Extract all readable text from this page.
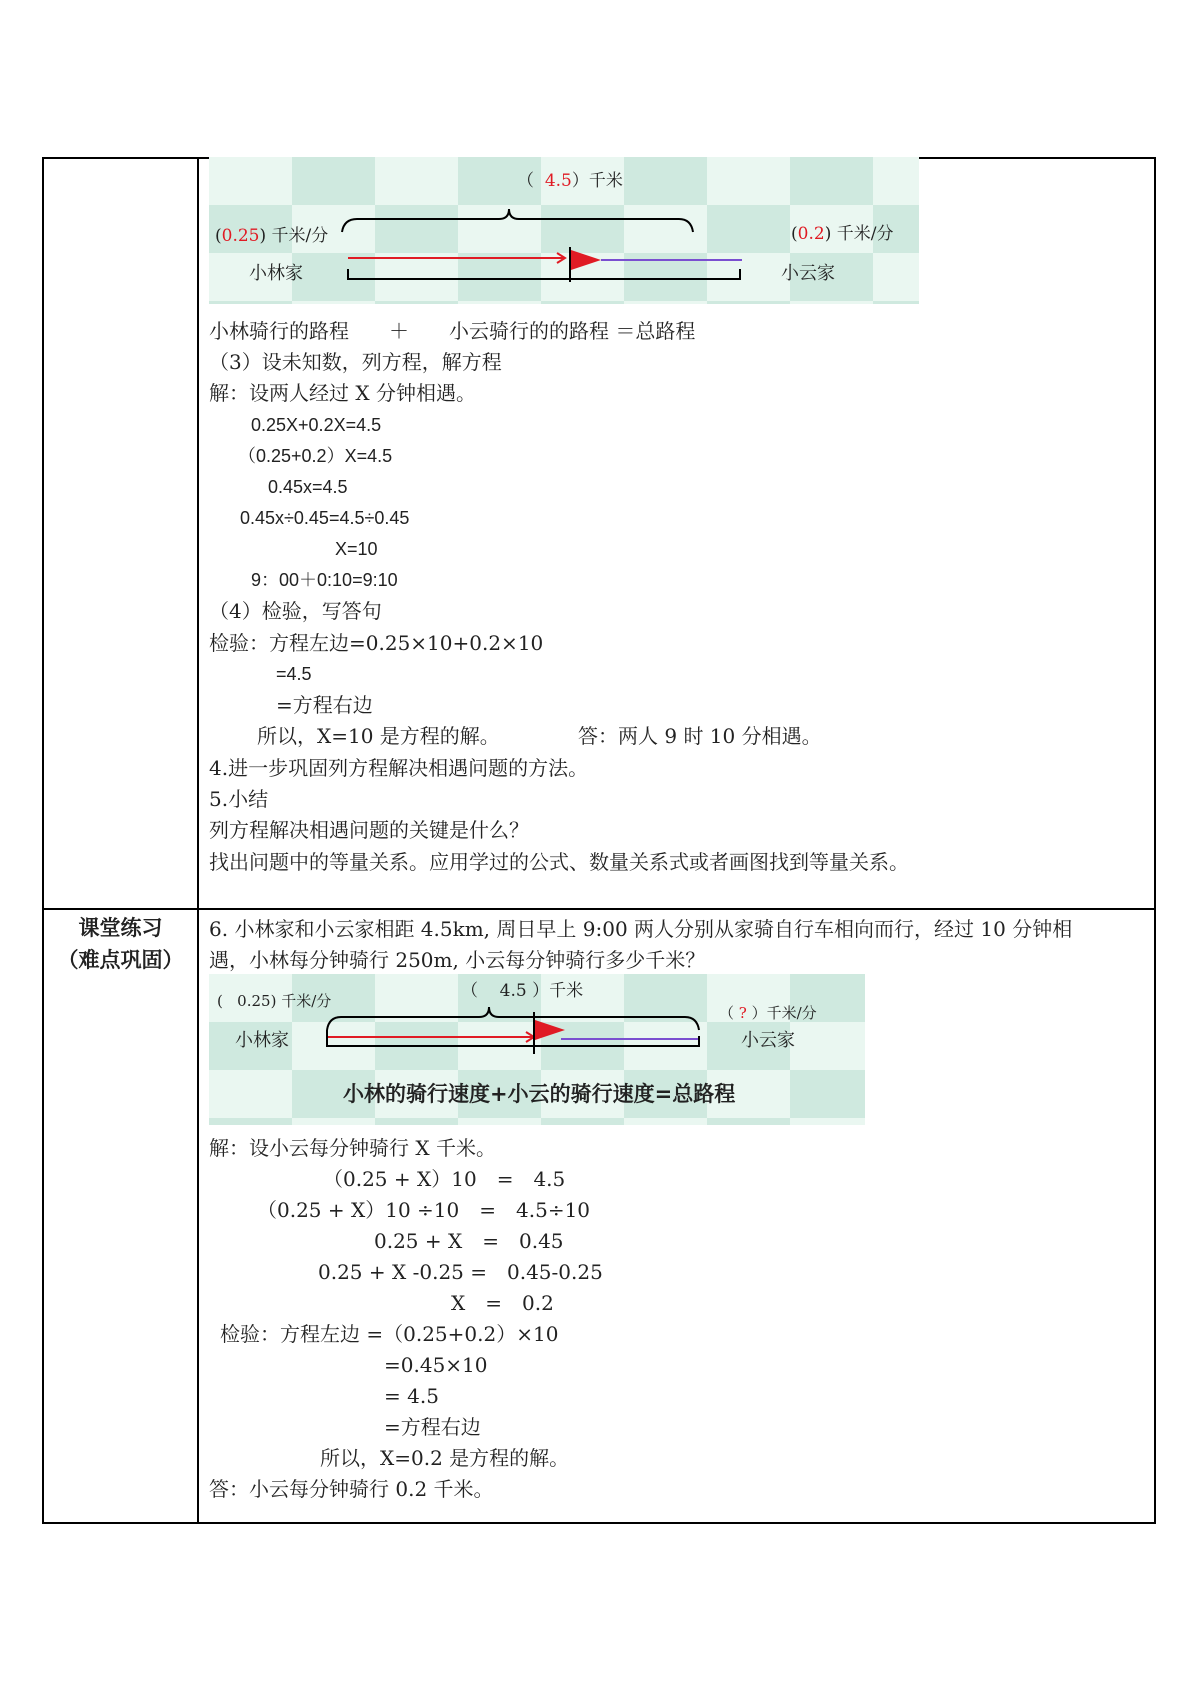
（ 4.5）千米
(0.25) 千米/分	(0.2) 千米/分
小林家	小云家
小林骑行的路程　　＋　　小云骑行的的路程 ＝总路程
（3）设未知数，列方程，解方程
解：设两人经过 X 分钟相遇。
0.25X+0.2X=4.5
（0.25+0.2）X=4.5
0.45x=4.5
0.45x÷0.45=4.5÷0.45
X=10
9：00＋0:10=9:10
（4）检验，写答句
检验：方程左边=0.25×10+0.2×10
=4.5
=方程右边
所以，X=10 是方程的解。	答：两人 9 时 10 分相遇。
4.进一步巩固列方程解决相遇问题的方法。
5.小结
列方程解决相遇问题的关键是什么？
找出问题中的等量关系。应用学过的公式、数量关系式或者画图找到等量关系。
课堂练习
（难点巩固）
6. 小林家和小云家相距 4.5km, 周日早上 9:00 两人分别从家骑自行车相向而行，经过 10 分钟相
遇，小林每分钟骑行 250m, 小云每分钟骑行多少千米？
（ 4.5 ）千米
( 0.25) 千米/分
（ ? ）千米/分
小林家	小云家
小林的骑行速度+小云的骑行速度=总路程
解：设小云每分钟骑行 X 千米。
（0.25 + X）10　=　4.5
（0.25 + X）10 ÷10　=　4.5÷10
0.25 + X　=　0.45
0.25 + X -0.25 =　0.45-0.25
X　=　0.2
检验：方程左边 =（0.25+0.2）×10
=0.45×10
= 4.5
=方程右边
所以，X=0.2 是方程的解。
答：小云每分钟骑行 0.2 千米。
